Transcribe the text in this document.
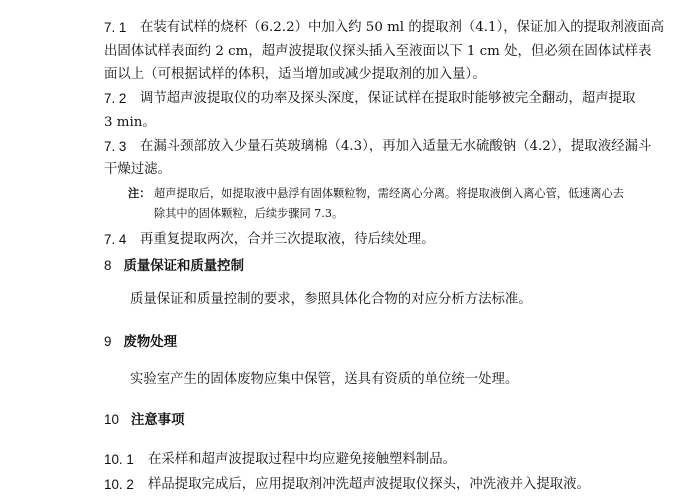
7. 1 在装有试样的烧杯（6.2.2）中加入约 50 ml 的提取剂（4.1），保证加入的提取剂液面高
出固体试样表面约 2 cm，超声波提取仪探头插入至液面以下 1 cm 处，但必须在固体试样表
面以上（可根据试样的体积，适当增加或减少提取剂的加入量）。
7. 2 调节超声波提取仪的功率及探头深度，保证试样在提取时能够被完全翻动，超声提取
3 min。
7. 3 在漏斗颈部放入少量石英玻璃棉（4.3），再加入适量无水硫酸钠（4.2），提取液经漏斗
干燥过滤。
注： 超声提取后，如提取液中悬浮有固体颗粒物，需经离心分离。将提取液倒入离心管，低速离心去
除其中的固体颗粒，后续步骤同 7.3。
7. 4 再重复提取两次，合并三次提取液，待后续处理。
8 质量保证和质量控制
质量保证和质量控制的要求，参照具体化合物的对应分析方法标准。
9 废物处理
实验室产生的固体废物应集中保管，送具有资质的单位统一处理。
10 注意事项
10. 1 在采样和超声波提取过程中均应避免接触塑料制品。
10. 2 样品提取完成后，应用提取剂冲洗超声波提取仪探头，冲洗液并入提取液。
